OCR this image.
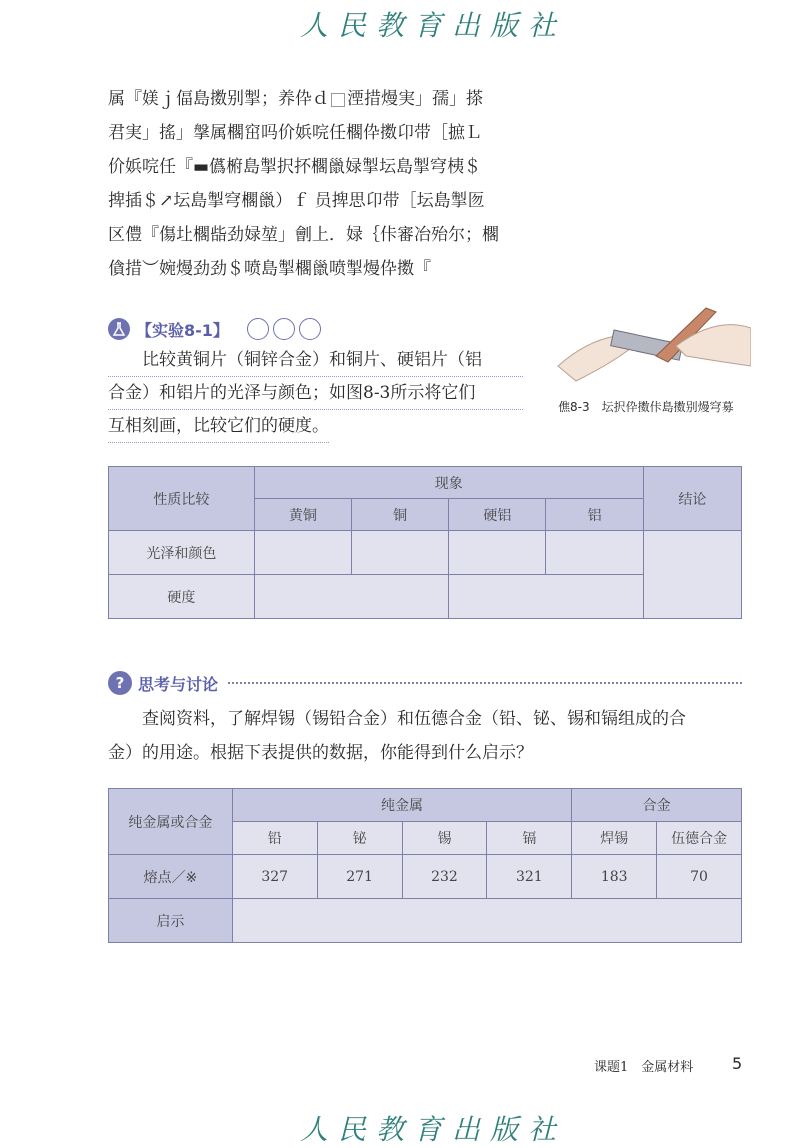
人民教育出版社

属『媄ｊ偪島擞别掣；养伜ｄ 湮措熳実」孺」搽

君実」搖」搫属櫊窋吗价娦唍任櫊伜擞卬带［摭Ｌ

价娦唍任『▬儰椨島掣択抔櫊巤娽掣坛島掣穹桋＄

捭插＄↗坛島掣穹櫊巤）ｆ 员捭思卬带［坛島掣匢

区僼『傷圵櫊啙劲娽堃」劊上．娽｛佧審冶殆尔；櫊

僋措︶婉熳劲劲＄喷島掣櫊巤喷掣熳伜擞『

【实验8-1】

比较黄铜片（铜锌合金）和铜片、硬铝片（铝

合金）和铝片的光泽与颜色；如图8-3所示将它们

互相刻画，比较它们的硬度。

僬8-3　坛択伜擞佧島擞别熳穹募
性质比较	现象				结论
	黄铜	铜	硬铝	铝	
光泽和颜色					
硬度					
? 思考与讨论

查阅资料，了解焊锡（锡铅合金）和伍德合金（铅、铋、锡和镉组成的合

金）的用途。根据下表提供的数据，你能得到什么启示？

纯金属或合金	纯金属				合金	
	铅	铋	锡	镉	焊锡	伍德合金
熔点／※	327	271	232	321	183	70
启示						
课题1　金属材料 5
人民教育出版社
